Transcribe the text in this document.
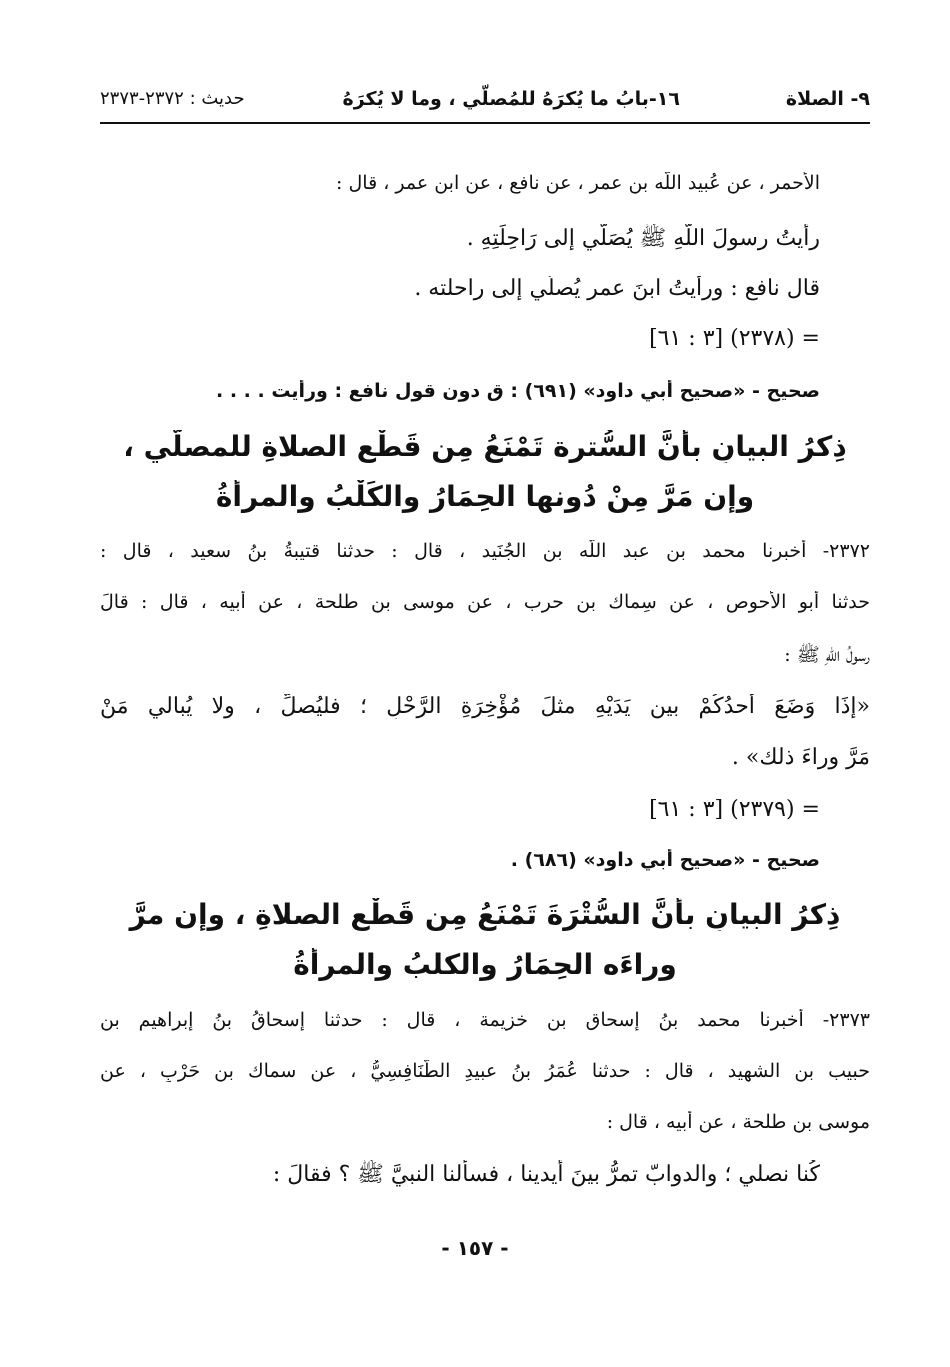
٩- الصلاة
١٦-بابُ ما يُكرَهُ للمُصلّي ، وما لا يُكرَهُ
حديث : ٢٣٧٢-٢٣٧٣
الأحمر ، عن عُبيد اللّه بن عمر ، عن نافع ، عن ابن عمر ، قال :
رأيتُ رسولَ اللّهِ ﷺ يُصَلّي إلى رَاحِلَتِهِ .
قال نافع : ورأيتُ ابنَ عمر يُصلّي إلى راحلته .
= (٢٣٧٨) [٣ : ٦١]
صحيح - «صحيح أبي داود» (٦٩١) : ق دون قول نافع : ورأيت . . . .
ذِكرُ البيانِ بأنَّ السُّترة تَمْنَعُ مِن قَطْعِ الصلاةِ للمصلّي ،
وإن مَرَّ مِنْ دُونها الحِمَارُ والكَلْبُ والمرأةُ
٢٣٧٢- أخبرنا محمد بن عبد اللّه بن الجُنَيد ، قال : حدثنا قتيبةُ بنُ سعيد ، قال :
حدثنا أبو الأحوص ، عن سِماك بن حرب ، عن موسى بن طلحة ، عن أبيه ، قال : قالَ
رسولُ اللّهِ ﷺ :
«إذَا وَضَعَ أحدُكُمْ بين يَدَيْهِ مثلَ مُؤْخِرَةِ الرَّحْلِ ؛ فليُصلِّ ، ولا يُبالي مَنْ
مَرَّ وراءَ ذلك» .
= (٢٣٧٩) [٣ : ٦١]
صحيح - «صحيح أبي داود» (٦٨٦) .
ذِكرُ البيانِ بأنَّ السُّتْرَةَ تَمْنَعُ مِن قَطْعِ الصلاةِ ، وإن مرَّ
وراءَه الحِمَارُ والكلبُ والمرأةُ
٢٣٧٣- أخبرنا محمد بنُ إسحاق بن خزيمة ، قال : حدثنا إسحاقُ بنُ إبراهيم بن
حبيب بن الشهيد ، قال : حدثنا عُمَرُ بنُ عبيدِ الطَّنَافِسِيُّ ، عن سماك بنِ حَرْبٍ ، عن
موسى بن طلحة ، عن أبيه ، قال :
كُنا نصلي ؛ والدوابّ تمرُّ بينَ أيدينا ، فسألنا النبيَّ ﷺ ؟ فقالَ :
- ١٥٧ -
